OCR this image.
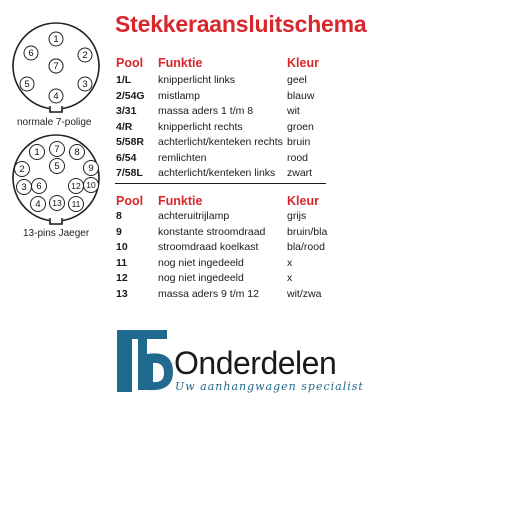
Stekkeraansluitschema
1
2
3
4
5
6
7
1
2
3
4
5
6
7 8
9
10
11
12
13
normale 7-polige
13-pins Jaeger
Pool Funktie	Kleur
1/L	knipperlicht links	geel
2/54G mistlamp	blauw
3/31 massa aders 1 t/m 8	wit
4/R knipperlicht rechts	groen
5/58R achterlicht/kenteken rechts bruin
6/54 remlichten	rood
7/58L achterlicht/kenteken links zwart
Pool Funktie	Kleur
8	achteruitrijlamp	grijs
9	konstante stroomdraad bruin/bla
10	stroomdraad koelkast	bla/rood
11	nog niet ingedeeld	x
12	nog niet ingedeeld	x
13	massa aders 9 t/m 12	wit/zwa
Onderdelen
Uw aanhangwagen specialist
